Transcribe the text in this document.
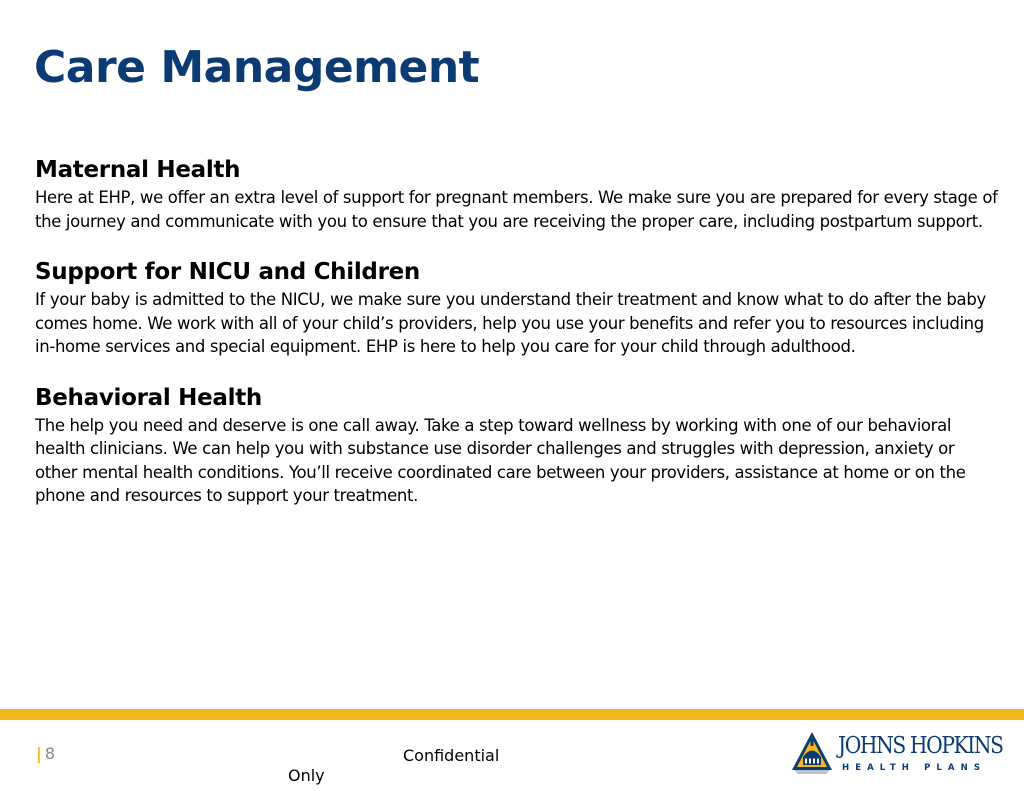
Care Management
Maternal Health

Here at EHP, we offer an extra level of support for pregnant members. We make sure you are prepared for every stage of the journey and communicate with you to ensure that you are receiving the proper care, including postpartum support.

Support for NICU and Children

If your baby is admitted to the NICU, we make sure you understand their treatment and know what to do after the baby comes home. We work with all of your child’s providers, help you use your benefits and refer you to resources including in-home services and special equipment. EHP is here to help you care for your child through adulthood.

Behavioral Health

The help you need and deserve is one call away. Take a step toward wellness by working with one of our behavioral health clinicians. We can help you with substance use disorder challenges and struggles with depression, anxiety or other mental health conditions. You’ll receive coordinated care between your providers, assistance at home or on the phone and resources to support your treatment.

| 8	Confidential
Only
JOHNS HOPKINS
HEALTH PLANS
